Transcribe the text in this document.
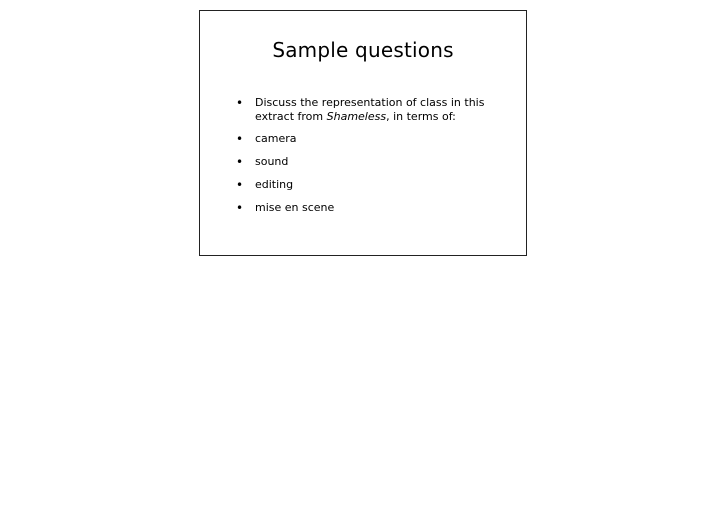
Sample questions
• Discuss the representation of class in this extract from Shameless, in terms of:
• camera
• sound
• editing
• mise en scene
